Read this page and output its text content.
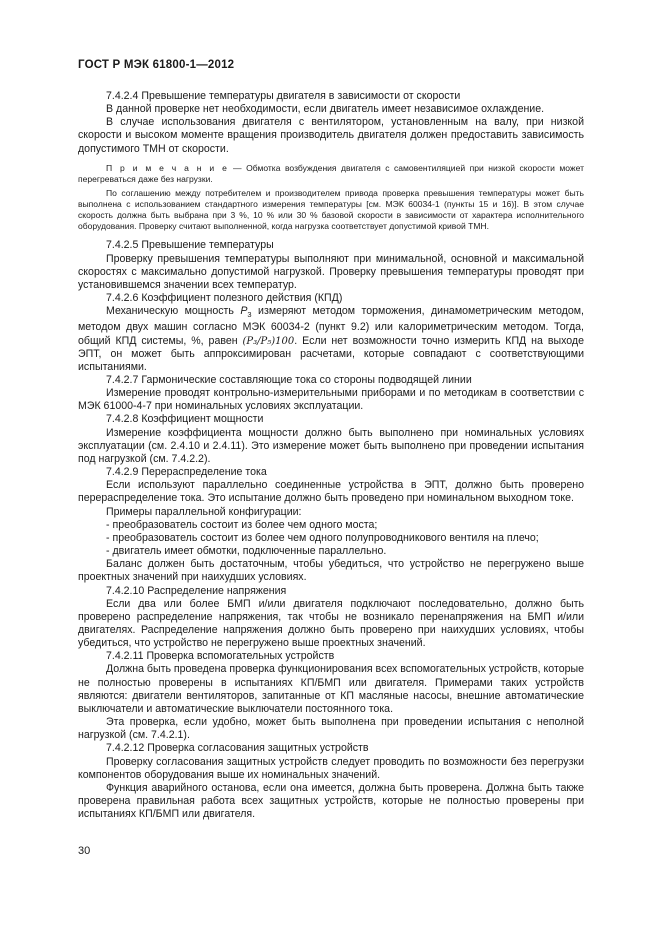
ГОСТ Р МЭК 61800-1—2012

7.4.2.4 Превышение температуры двигателя в зависимости от скорости

В данной проверке нет необходимости, если двигатель имеет независимое охлаждение.

В случае использования двигателя с вентилятором, установленным на валу, при низкой скорости и высоком моменте вращения производитель двигателя должен предоставить зависимость допустимого ТМН от скорости.

П р и м е ч а н и е — Обмотка возбуждения двигателя с самовентиляцией при низкой скорости может перегреваться даже без нагрузки.

По соглашению между потребителем и производителем привода проверка превышения температуры может быть выполнена с использованием стандартного измерения температуры [см. МЭК 60034-1 (пункты 15 и 16)]. В этом случае скорость должна быть выбрана при 3 %, 10 % или 30 % базовой скорости в зависимости от характера исполнительного оборудования. Проверку считают выполненной, когда нагрузка соответствует допустимой кривой ТМН.

7.4.2.5 Превышение температуры

Проверку превышения температуры выполняют при минимальной, основной и максимальной скоростях с максимально допустимой нагрузкой. Проверку превышения температуры проводят при установившемся значении всех температур.

7.4.2.6 Коэффициент полезного действия (КПД)

Механическую мощность $P_3$ измеряют методом торможения, динамометрическим методом, методом двух машин согласно МЭК 60034-2 (пункт 9.2) или калориметрическим методом. Тогда, общий КПД системы, %, равен (P₃/P₅)100. Если нет возможности точно измерить КПД на выходе ЭПТ, он может быть аппроксимирован расчетами, которые совпадают с соответствующими испытаниями.

7.4.2.7 Гармонические составляющие тока со стороны подводящей линии

Измерение проводят контрольно-измерительными приборами и по методикам в соответствии с МЭК 61000-4-7 при номинальных условиях эксплуатации.

7.4.2.8 Коэффициент мощности

Измерение коэффициента мощности должно быть выполнено при номинальных условиях эксплуатации (см. 2.4.10 и 2.4.11). Это измерение может быть выполнено при проведении испытания под нагрузкой (см. 7.4.2.2).

7.4.2.9 Перераспределение тока

Если используют параллельно соединенные устройства в ЭПТ, должно быть проверено перераспределение тока. Это испытание должно быть проведено при номинальном выходном токе.

Примеры параллельной конфигурации:

- преобразователь состоит из более чем одного моста;

- преобразователь состоит из более чем одного полупроводникового вентиля на плечо;

- двигатель имеет обмотки, подключенные параллельно.

Баланс должен быть достаточным, чтобы убедиться, что устройство не перегружено выше проектных значений при наихудших условиях.

7.4.2.10 Распределение напряжения

Если два или более БМП и/или двигателя подключают последовательно, должно быть проверено распределение напряжения, так чтобы не возникало перенапряжения на БМП и/или двигателях. Распределение напряжения должно быть проверено при наихудших условиях, чтобы убедиться, что устройство не перегружено выше проектных значений.

7.4.2.11 Проверка вспомогательных устройств

Должна быть проведена проверка функционирования всех вспомогательных устройств, которые не полностью проверены в испытаниях КП/БМП или двигателя. Примерами таких устройств являются: двигатели вентиляторов, запитанные от КП масляные насосы, внешние автоматические выключатели и автоматические выключатели постоянного тока.

Эта проверка, если удобно, может быть выполнена при проведении испытания с неполной нагрузкой (см. 7.4.2.1).

7.4.2.12 Проверка согласования защитных устройств

Проверку согласования защитных устройств следует проводить по возможности без перегрузки компонентов оборудования выше их номинальных значений.

Функция аварийного останова, если она имеется, должна быть проверена. Должна быть также проверена правильная работа всех защитных устройств, которые не полностью проверены при испытаниях КП/БМП или двигателя.

30
